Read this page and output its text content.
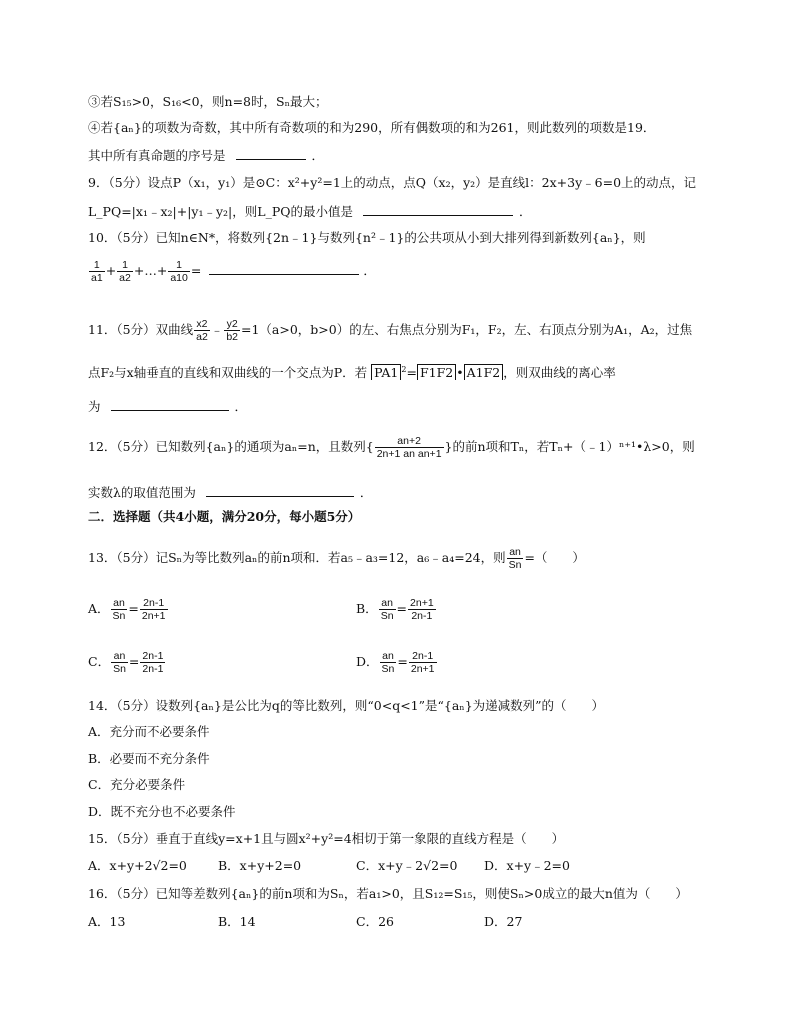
③若S₁₅>0，S₁₆<0，则n=8时，Sₙ最大；
④若{aₙ}的项数为奇数，其中所有奇数项的和为290，所有偶数项的和为261，则此数列的项数是19．
其中所有真命题的序号是	．
9．（5分）设点P（x₁，y₁）是⊙C：x²+y²=1上的动点，点Q（x₂，y₂）是直线l：2x+3y﹣6=0上的动点，记
L_PQ=|x₁﹣x₂|+|y₁﹣y₂|，则L_PQ的最小值是	．
10．（5分）已知n∈N*，将数列{2n﹣1}与数列{n²﹣1}的公共项从小到大排列得到新数列{aₙ}，则
$\frac{1}{a1} + \frac{1}{a2}$ +…+ $\frac{1}{a10}$ =	．
11．（5分）双曲线 $\frac{x2}{a2}$ ﹣ $\frac{y2}{b2} =1(a>0$，b>0）的左、右焦点分别为F₁，F₂，左、右顶点分别为A₁，A₂，过焦
点F₂与x轴垂直的直线和双曲线的一个交点为P．若 PA1 $^2$= F1F2 • A1F2 ，则双曲线的离心率
为	．
12．（5分）已知数列{aₙ}的通项为aₙ=n，且数列{ $\frac{an+2}{\text{2n+1 an an+1}}$ }的前n项和Tₙ，若Tₙ+（﹣1）ⁿ⁺¹•λ>0，则
实数λ的取值范围为	．
二．选择题（共4小题，满分20分，每小题5分）
13．（5分）记Sₙ为等比数列aₙ的前n项和．若a₅﹣a₃=12，a₆﹣a₄=24，则 $\frac{an}{Sn}$ =（　　）
A． $\frac{an}{Sn} = \frac{2n-1}{2n+1}$	B． $\frac{an}{Sn} = \frac{2n+1}{2n-1}$
C． $\frac{an}{Sn} = \frac{2n-1}{2n-1}$	D． $\frac{an}{Sn} = \frac{2n-1}{2n+1}$
14．（5分）设数列{aₙ}是公比为q的等比数列，则“0<q<1”是“{aₙ}为递减数列”的（　　）
A．充分而不必要条件
B．必要而不充分条件
C．充分必要条件
D．既不充分也不必要条件
15．（5分）垂直于直线y=x+1且与圆x²+y²=4相切于第一象限的直线方程是（　　）
A．x+y+2√2=0 B．x+y+2=0	C．x+y﹣2√2=0 D．x+y﹣2=0
16．（5分）已知等差数列{aₙ}的前n项和为Sₙ，若a₁>0，且S₁₂=S₁₅，则使Sₙ>0成立的最大n值为（　　）
A．13	B．14	C．26	D．27
